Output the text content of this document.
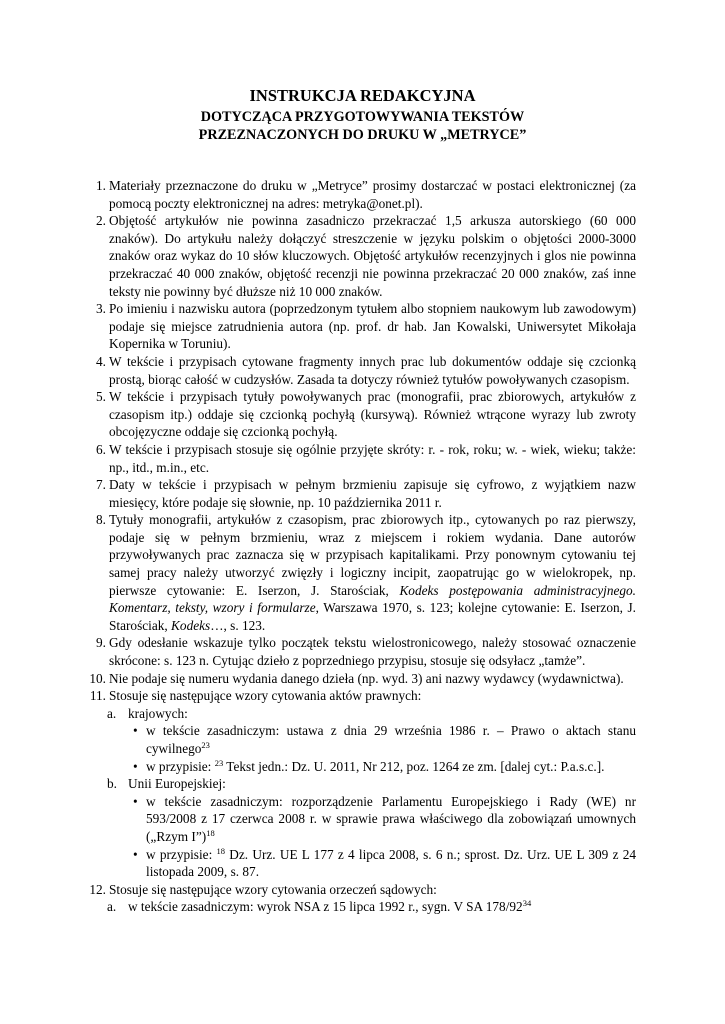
INSTRUKCJA REDAKCYJNA
DOTYCZĄCA PRZYGOTOWYWANIA TEKSTÓW
PRZEZNACZONYCH DO DRUKU W „METRYCE”
1. Materiały przeznaczone do druku w „Metryce” prosimy dostarczać w postaci elektronicznej (za pomocą poczty elektronicznej na adres: metryka@onet.pl).
2. Objętość artykułów nie powinna zasadniczo przekraczać 1,5 arkusza autorskiego (60 000 znaków). Do artykułu należy dołączyć streszczenie w języku polskim o objętości 2000-3000 znaków oraz wykaz do 10 słów kluczowych. Objętość artykułów recenzyjnych i glos nie powinna przekraczać 40 000 znaków, objętość recenzji nie powinna przekraczać 20 000 znaków, zaś inne teksty nie powinny być dłuższe niż 10 000 znaków.
3. Po imieniu i nazwisku autora (poprzedzonym tytułem albo stopniem naukowym lub zawodowym) podaje się miejsce zatrudnienia autora (np. prof. dr hab. Jan Kowalski, Uniwersytet Mikołaja Kopernika w Toruniu).
4. W tekście i przypisach cytowane fragmenty innych prac lub dokumentów oddaje się czcionką prostą, biorąc całość w cudzysłów. Zasada ta dotyczy również tytułów powoływanych czasopism.
5. W tekście i przypisach tytuły powoływanych prac (monografii, prac zbiorowych, artykułów z czasopism itp.) oddaje się czcionką pochyłą (kursywą). Również wtrącone wyrazy lub zwroty obcojęzyczne oddaje się czcionką pochyłą.
6. W tekście i przypisach stosuje się ogólnie przyjęte skróty: r. - rok, roku; w. - wiek, wieku; także: np., itd., m.in., etc.
7. Daty w tekście i przypisach w pełnym brzmieniu zapisuje się cyfrowo, z wyjątkiem nazw miesięcy, które podaje się słownie, np. 10 października 2011 r.
8. Tytuły monografii, artykułów z czasopism, prac zbiorowych itp., cytowanych po raz pierwszy, podaje się w pełnym brzmieniu, wraz z miejscem i rokiem wydania. Dane autorów przywoływanych prac zaznacza się w przypisach kapitalikami. Przy ponownym cytowaniu tej samej pracy należy utworzyć zwięzły i logiczny incipit, zaopatrując go w wielokropek, np. pierwsze cytowanie: E. Iserzon, J. Starościak, Kodeks postępowania administracyjnego. Komentarz, teksty, wzory i formularze, Warszawa 1970, s. 123; kolejne cytowanie: E. Iserzon, J. Starościak, Kodeks…, s. 123.
9. Gdy odesłanie wskazuje tylko początek tekstu wielostronicowego, należy stosować oznaczenie skrócone: s. 123 n. Cytując dzieło z poprzedniego przypisu, stosuje się odsyłacz „tamże”.
10. Nie podaje się numeru wydania danego dzieła (np. wyd. 3) ani nazwy wydawcy (wydawnictwa).
11. Stosuje się następujące wzory cytowania aktów prawnych:
a. krajowych:
• w tekście zasadniczym: ustawa z dnia 29 września 1986 r. – Prawo o aktach stanu cywilnego$^{23}$
• w przypisie: $^{23}$ Tekst jedn.: Dz. U. 2011, Nr 212, poz. 1264 ze zm. [dalej cyt.: P.a.s.c.].
b. Unii Europejskiej:
• w tekście zasadniczym: rozporządzenie Parlamentu Europejskiego i Rady (WE) nr 593/2008 z 17 czerwca 2008 r. w sprawie prawa właściwego dla zobowiązań umownych („Rzym I”)$^{18}$
• w przypisie: $^{18}$ Dz. Urz. UE L 177 z 4 lipca 2008, s. 6 n.; sprost. Dz. Urz. UE L 309 z 24 listopada 2009, s. 87.
12. Stosuje się następujące wzory cytowania orzeczeń sądowych:
a. w tekście zasadniczym: wyrok NSA z 15 lipca 1992 r., sygn. V SA $178/92^{34}$
